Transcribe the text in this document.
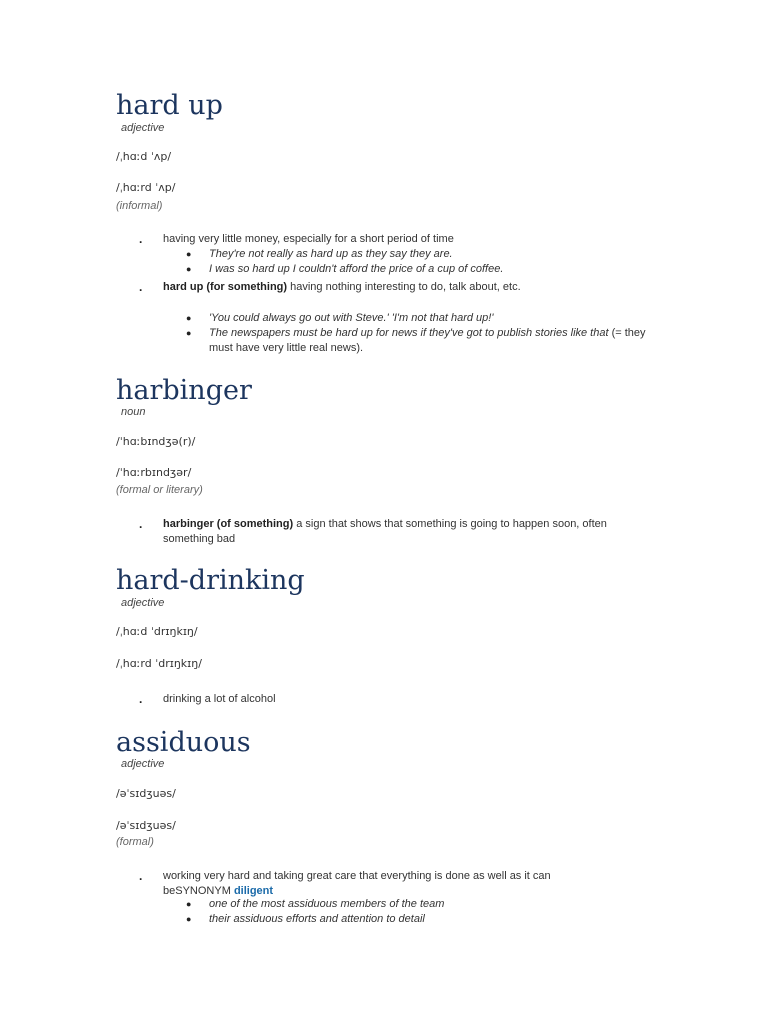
hard up
adjective
/ˌhɑːd ˈʌp/
/ˌhɑːrd ˈʌp/
(informal)
. having very little money, especially for a short period of time
● They're not really as hard up as they say they are.
● I was so hard up I couldn't afford the price of a cup of coffee.
. hard up (for something) having nothing interesting to do, talk about, etc.
● 'You could always go out with Steve.' 'I'm not that hard up!'
● The newspapers must be hard up for news if they've got to publish stories like that (= they must have very little real news).
harbinger
noun
/ˈhɑːbɪndʒə(r)/
/ˈhɑːrbɪndʒər/
(formal or literary)
. harbinger (of something) a sign that shows that something is going to happen soon, often something bad
hard-drinking
adjective
/ˌhɑːd ˈdrɪŋkɪŋ/
/ˌhɑːrd ˈdrɪŋkɪŋ/
. drinking a lot of alcohol
assiduous
adjective
/əˈsɪdʒuəs/
/əˈsɪdʒuəs/
(formal)
. working very hard and taking great care that everything is done as well as it can beSYNONYM diligent
● one of the most assiduous members of the team
● their assiduous efforts and attention to detail
